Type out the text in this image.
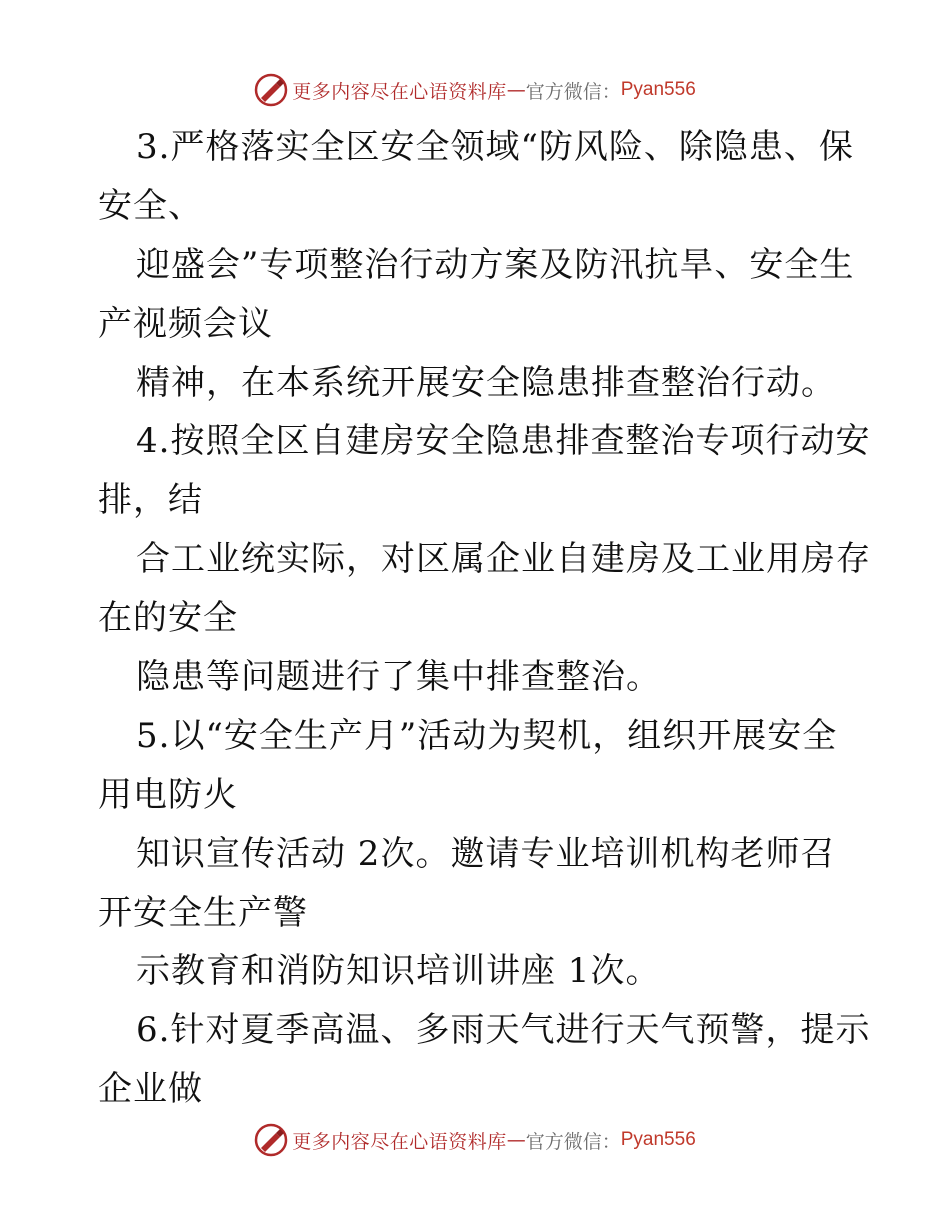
更多内容尽在心语资料库 — 官方微信： Pyan556
3.严格落实全区安全领域“防风险、除隐患、保
安全、
迎盛会”专项整治行动方案及防汛抗旱、安全生
产视频会议
精神，在本系统开展安全隐患排查整治行动。
4.按照全区自建房安全隐患排查整治专项行动安
排，结
合工业统实际，对区属企业自建房及工业用房存
在的安全
隐患等问题进行了集中排查整治。
5.以“安全生产月”活动为契机，组织开展安全
用电防火
知识宣传活动 2次。邀请专业培训机构老师召
开安全生产警
示教育和消防知识培训讲座 1次。
6.针对夏季高温、多雨天气进行天气预警，提示
企业做
更多内容尽在心语资料库 — 官方微信： Pyan556
